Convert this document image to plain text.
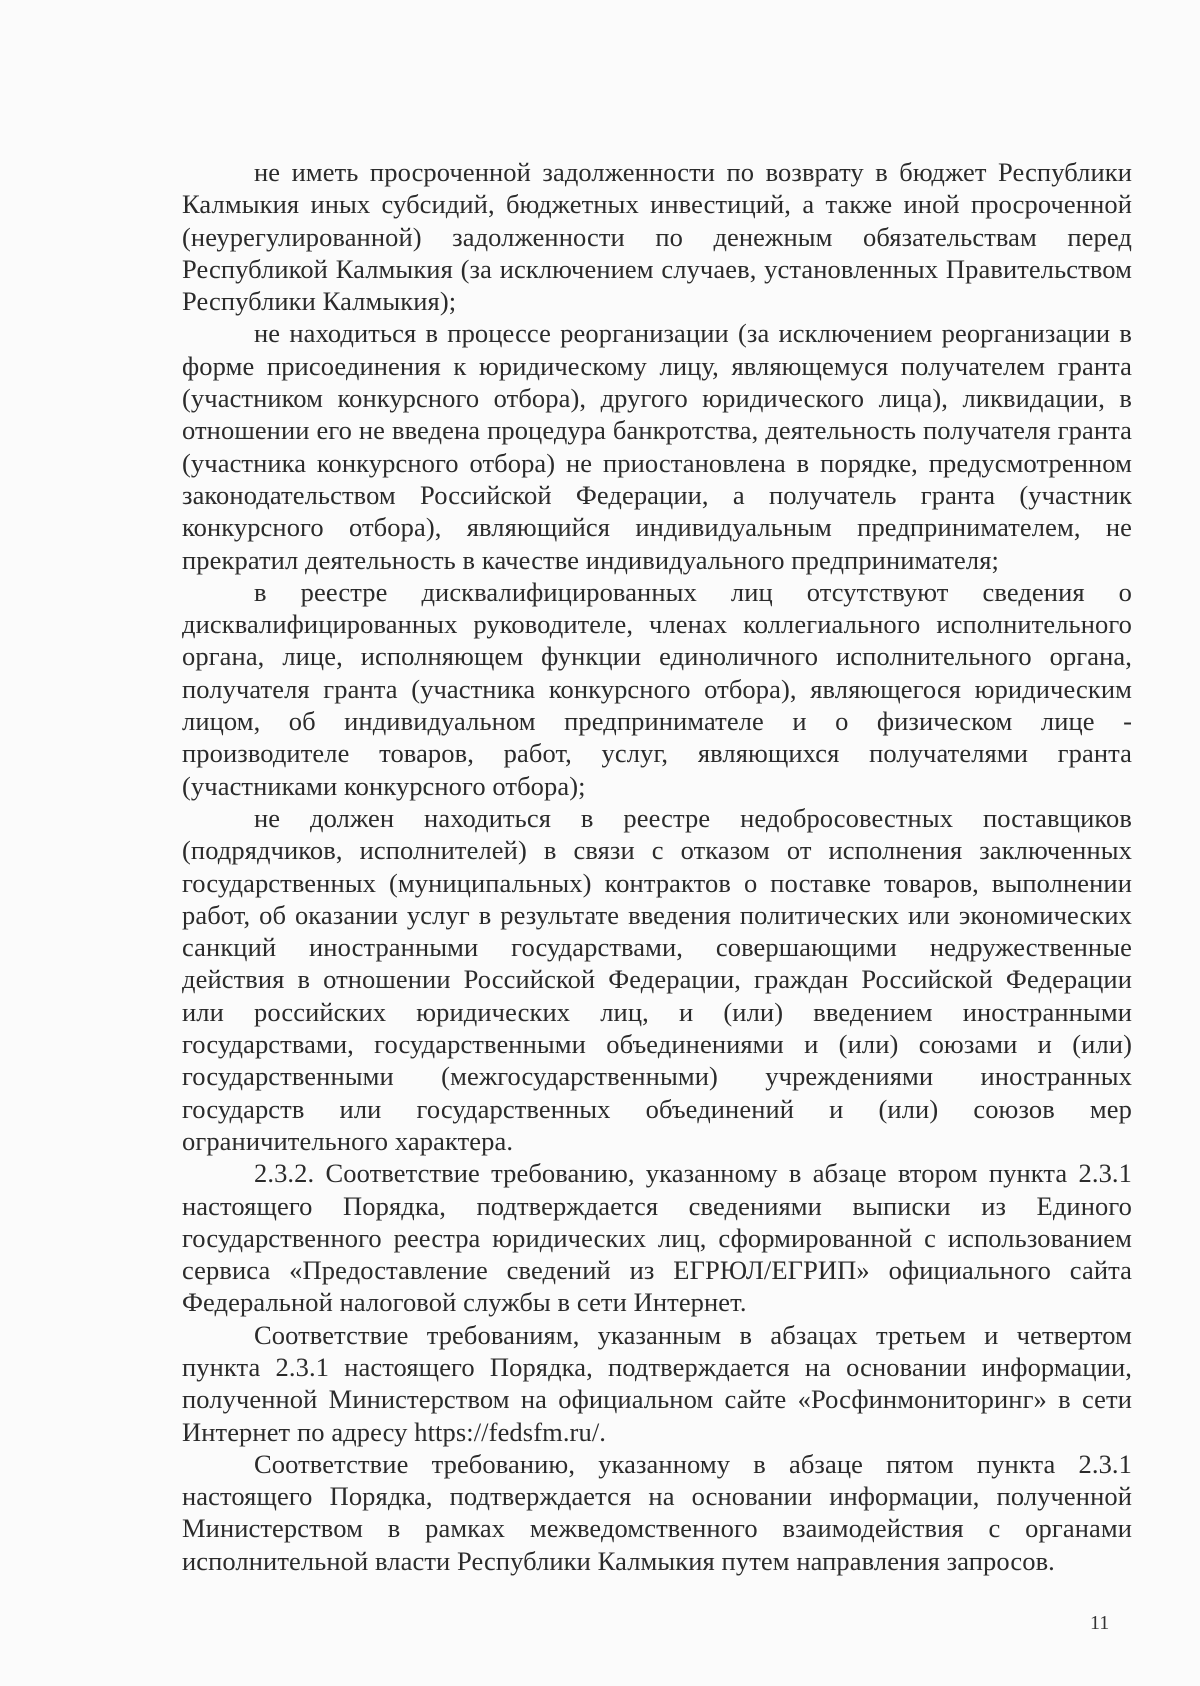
не иметь просроченной задолженности по возврату в бюджет Республики Калмыкия иных субсидий, бюджетных инвестиций, а также иной просроченной (неурегулированной) задолженности по денежным обязательствам перед Республикой Калмыкия (за исключением случаев, установленных Правительством Республики Калмыкия);

не находиться в процессе реорганизации (за исключением реорганизации в форме присоединения к юридическому лицу, являющемуся получателем гранта (участником конкурсного отбора), другого юридического лица), ликвидации, в отношении его не введена процедура банкротства, деятельность получателя гранта (участника конкурсного отбора) не приостановлена в порядке, предусмотренном законодательством Российской Федерации, а получатель гранта (участник конкурсного отбора), являющийся индивидуальным предпринимателем, не прекратил деятельность в качестве индивидуального предпринимателя;

в реестре дисквалифицированных лиц отсутствуют сведения о дисквалифицированных руководителе, членах коллегиального исполнительного органа, лице, исполняющем функции единоличного исполнительного органа, получателя гранта (участника конкурсного отбора), являющегося юридическим лицом, об индивидуальном предпринимателе и о физическом лице - производителе товаров, работ, услуг, являющихся получателями гранта (участниками конкурсного отбора);

не должен находиться в реестре недобросовестных поставщиков (подрядчиков, исполнителей) в связи с отказом от исполнения заключенных государственных (муниципальных) контрактов о поставке товаров, выполнении работ, об оказании услуг в результате введения политических или экономических санкций иностранными государствами, совершающими недружественные действия в отношении Российской Федерации, граждан Российской Федерации или российских юридических лиц, и (или) введением иностранными государствами, государственными объединениями и (или) союзами и (или) государственными (межгосударственными) учреждениями иностранных государств или государственных объединений и (или) союзов мер ограничительного характера.

2.3.2. Соответствие требованию, указанному в абзаце втором пункта 2.3.1 настоящего Порядка, подтверждается сведениями выписки из Единого государственного реестра юридических лиц, сформированной с использованием сервиса «Предоставление сведений из ЕГРЮЛ/ЕГРИП» официального сайта Федеральной налоговой службы в сети Интернет.

Соответствие требованиям, указанным в абзацах третьем и четвертом пункта 2.3.1 настоящего Порядка, подтверждается на основании информации, полученной Министерством на официальном сайте «Росфинмониторинг» в сети Интернет по адресу https://fedsfm.ru/.

Соответствие требованию, указанному в абзаце пятом пункта 2.3.1 настоящего Порядка, подтверждается на основании информации, полученной Министерством в рамках межведомственного взаимодействия с органами исполнительной власти Республики Калмыкия путем направления запросов.

11
